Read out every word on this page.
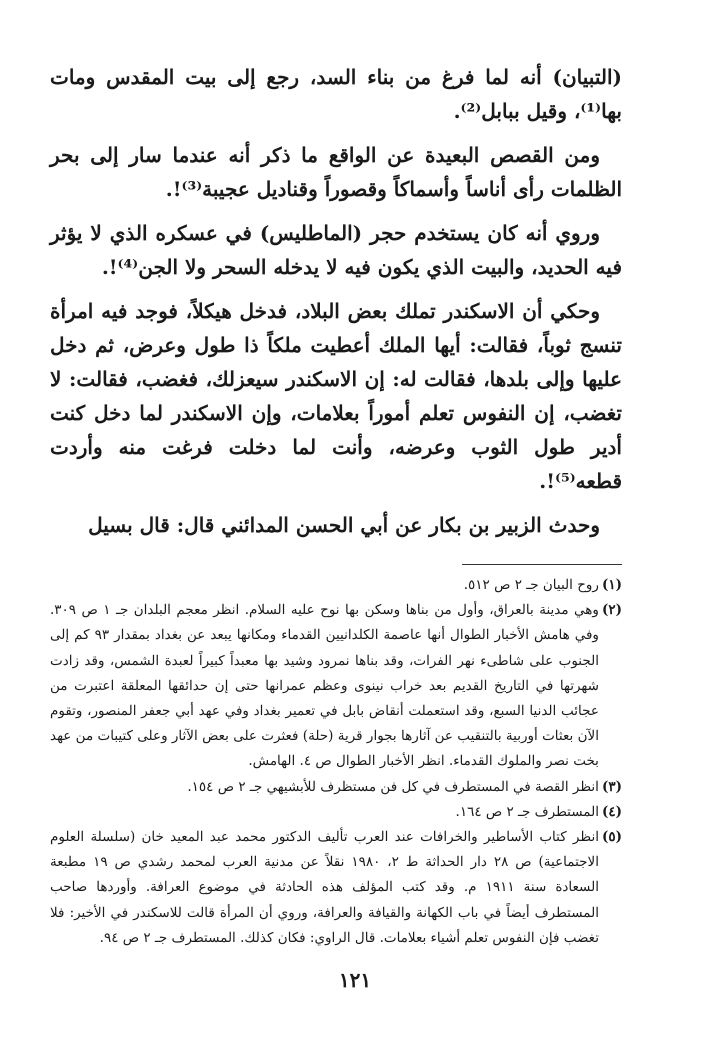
(التبيان) أنه لما فرغ من بناء السد، رجع إلى بيت المقدس ومات بها⁽¹⁾، وقيل ببابل⁽²⁾.

ومن القصص البعيدة عن الواقع ما ذكر أنه عندما سار إلى بحر الظلمات رأى أناساً وأسماكاً وقصوراً وقناديل عجيبة⁽³⁾!.

وروي أنه كان يستخدم حجر (الماطليس) في عسكره الذي لا يؤثر فيه الحديد، والبيت الذي يكون فيه لا يدخله السحر ولا الجن⁽⁴⁾!.

وحكي أن الاسكندر تملك بعض البلاد، فدخل هيكلاً، فوجد فيه امرأة تنسج ثوباً، فقالت: أيها الملك أعطيت ملكاً ذا طول وعرض، ثم دخل عليها وإلى بلدها، فقالت له: إن الاسكندر سيعزلك، فغضب، فقالت: لا تغضب، إن النفوس تعلم أموراً بعلامات، وإن الاسكندر لما دخل كنت أدير طول الثوب وعرضه، وأنت لما دخلت فرغت منه وأردت قطعه⁽⁵⁾!.

وحدث الزبير بن بكار عن أبي الحسن المدائني قال: قال بسيل

(١)
روح البيان جـ ٢ ص ٥١٢.
(٢)
وهي مدينة بالعراق، وأول من بناها وسكن بها نوح عليه السلام. انظر معجم البلدان جـ ١ ص ٣٠٩. وفي هامش الأخبار الطوال أنها عاصمة الكلدانيين القدماء ومكانها يبعد عن بغداد بمقدار ٩٣ كم إلى الجنوب على شاطىء نهر الفرات، وقد بناها نمرود وشيد بها معبداً كبيراً لعبدة الشمس، وقد زادت شهرتها في التاريخ القديم بعد خراب نينوى وعظم عمرانها حتى إن حدائقها المعلقة اعتبرت من عجائب الدنيا السبع، وقد استعملت أنقاض بابل في تعمير بغداد وفي عهد أبي جعفر المنصور، وتقوم الآن بعثات أوربية بالتنقيب عن آثارها بجوار قرية (حلة) فعثرت على بعض الآثار وعلى كتيبات من عهد بخت نصر والملوك القدماء. انظر الأخبار الطوال ص ٤. الهامش.
(٣)
انظر القصة في المستطرف في كل فن مستظرف للأبشيهي جـ ٢ ص ١٥٤.
(٤)
المستطرف جـ ٢ ص ١٦٤.
(٥)
انظر كتاب الأساطير والخرافات عند العرب تأليف الدكتور محمد عبد المعيد خان (سلسلة العلوم الاجتماعية) ص ٢٨ دار الحداثة ط ٢، ١٩٨٠ نقلاً عن مدنية العرب لمحمد رشدي ص ١٩ مطبعة السعادة سنة ١٩١١ م. وقد كتب المؤلف هذه الحادثة في موضوع العرافة. وأوردها صاحب المستطرف أيضاً في باب الكهانة والقيافة والعرافة، وروي أن المرأة قالت للاسكندر في الأخير: فلا تغضب فإن النفوس تعلم أشياء بعلامات. قال الراوي: فكان كذلك. المستطرف جـ ٢ ص ٩٤.
١٢١
